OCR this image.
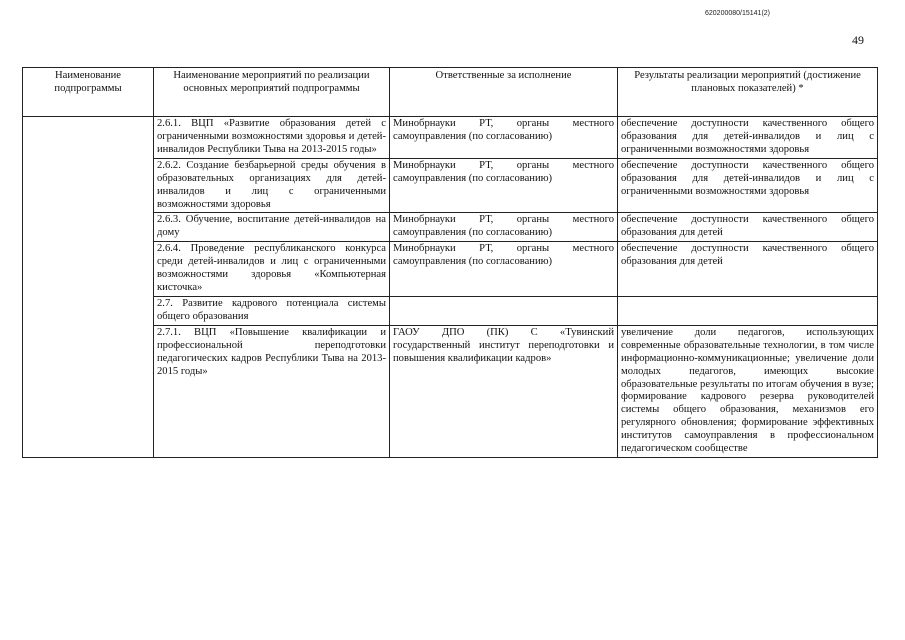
620200080/15141(2)
49
Наименование подпрограммы	Наименование мероприятий по реализации основных мероприятий подпрограммы	Ответственные за исполнение	Результаты реализации мероприятий (достижение плановых показателей) *
	2.6.1. ВЦП «Развитие образования детей с ограниченными возможностями здоровья и детей-инвалидов Республики Тыва на 2013-2015 годы»	Минобрнауки РТ, органы местного самоуправления (по согласованию)	обеспечение доступности качественного общего образования для детей-инвалидов и лиц с ограниченными возможностями здоровья
	2.6.2. Создание безбарьерной среды обучения в образовательных организациях для детей-инвалидов и лиц с ограниченными возможностями здоровья	Минобрнауки РТ, органы местного самоуправления (по согласованию)	обеспечение доступности качественного общего образования для детей-инвалидов и лиц с ограниченными возможностями здоровья
	2.6.3. Обучение, воспитание детей-инвалидов на дому	Минобрнауки РТ, органы местного самоуправления (по согласованию)	обеспечение доступности качественного общего образования для детей
	2.6.4. Проведение республиканского конкурса среди детей-инвалидов и лиц с ограниченными возможностями здоровья «Компьютерная кисточка»	Минобрнауки РТ, органы местного самоуправления (по согласованию)	обеспечение доступности качественного общего образования для детей
	2.7. Развитие кадрового потенциала системы общего образования		
	2.7.1. ВЦП «Повышение квалификации и профессиональной переподготовки педагогических кадров Республики Тыва на 2013-2015 годы»	ГАОУ ДПО (ПК) С «Тувинский государственный институт переподготовки и повышения квалификации кадров»	увеличение доли педагогов, использующих современные образовательные технологии, в том числе информационно-коммуникационные; увеличение доли молодых педагогов, имеющих высокие образовательные результаты по итогам обучения в вузе; формирование кадрового резерва руководителей системы общего образования, механизмов его регулярного обновления; формирование эффективных институтов самоуправления в профессиональном педагогическом сообществе
